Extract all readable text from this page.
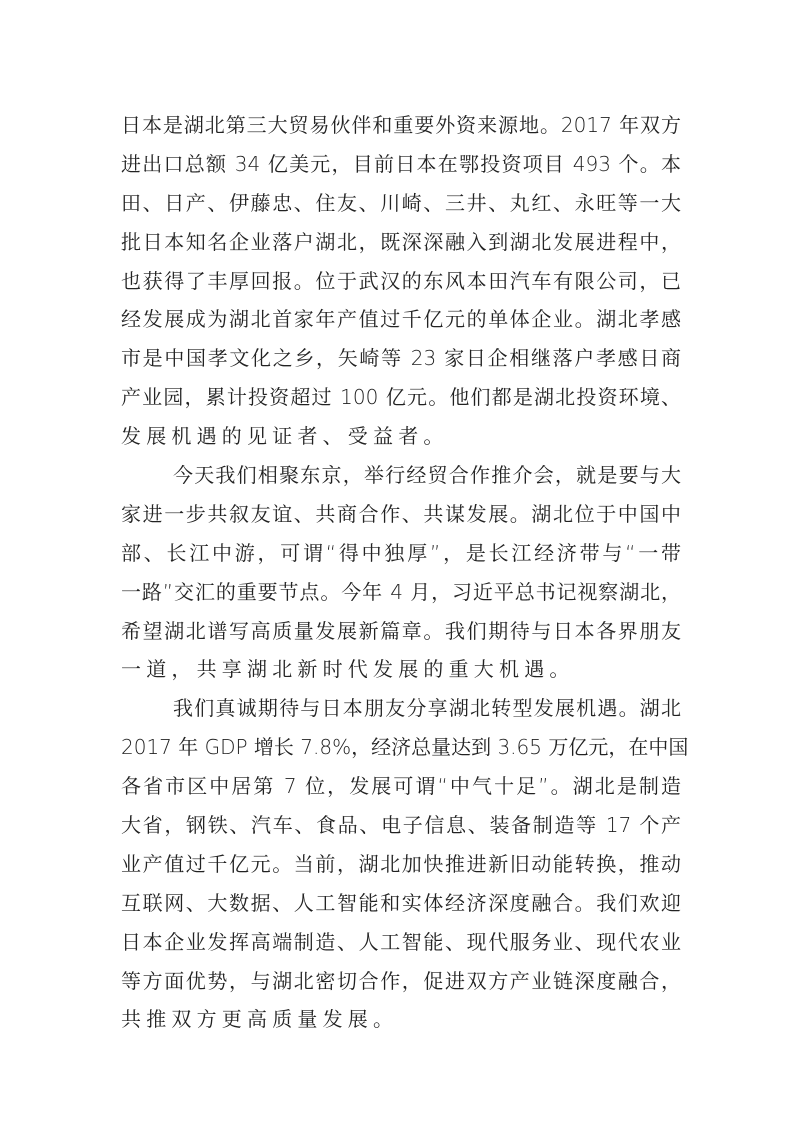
日本是湖北第三大贸易伙伴和重要外资来源地。2017 年双方
进出口总额 34 亿美元，目前日本在鄂投资项目 493 个。本
田、日产、伊藤忠、住友、川崎、三井、丸红、永旺等一大
批日本知名企业落户湖北，既深深融入到湖北发展进程中，
也获得了丰厚回报。位于武汉的东风本田汽车有限公司，已
经发展成为湖北首家年产值过千亿元的单体企业。湖北孝感
市是中国孝文化之乡，矢崎等 23 家日企相继落户孝感日商
产业园，累计投资超过 100 亿元。他们都是湖北投资环境、
发展机遇的见证者、受益者。
今天我们相聚东京，举行经贸合作推介会，就是要与大
家进一步共叙友谊、共商合作、共谋发展。湖北位于中国中
部、长江中游，可谓“得中独厚”，是长江经济带与“一带
一路”交汇的重要节点。今年 4 月，习近平总书记视察湖北，
希望湖北谱写高质量发展新篇章。我们期待与日本各界朋友
一道，共享湖北新时代发展的重大机遇。
我们真诚期待与日本朋友分享湖北转型发展机遇。湖北
2017 年 GDP 增长 7.8%，经济总量达到 3.65 万亿元，在中国
各省市区中居第 7 位，发展可谓“中气十足”。湖北是制造
大省，钢铁、汽车、食品、电子信息、装备制造等 17 个产
业产值过千亿元。当前，湖北加快推进新旧动能转换，推动
互联网、大数据、人工智能和实体经济深度融合。我们欢迎
日本企业发挥高端制造、人工智能、现代服务业、现代农业
等方面优势，与湖北密切合作，促进双方产业链深度融合，
共推双方更高质量发展。
